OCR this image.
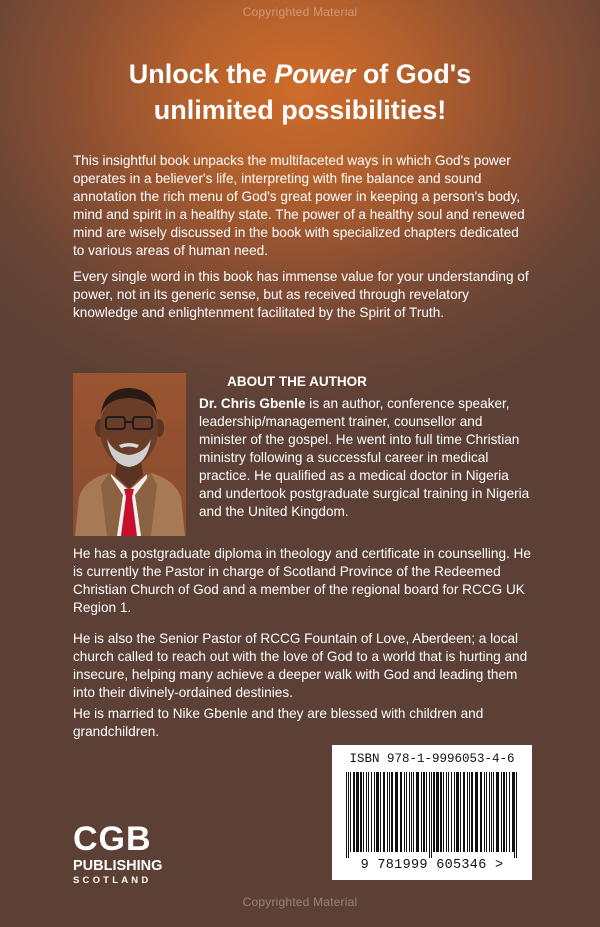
Copyrighted Material
Unlock the Power of God's
unlimited possibilities!

This insightful book unpacks the multifaceted ways in which God's power operates in a believer's life, interpreting with fine balance and sound annotation the rich menu of God's great power in keeping a person's body, mind and spirit in a healthy state. The power of a healthy soul and renewed mind are wisely discussed in the book with specialized chapters dedicated to various areas of human need.

Every single word in this book has immense value for your understanding of power, not in its generic sense, but as received through revelatory knowledge and enlightenment facilitated by the Spirit of Truth.

ABOUT THE AUTHOR

Dr. Chris Gbenle is an author, conference speaker, leadership/management trainer, counsellor and minister of the gospel. He went into full time Christian ministry following a successful career in medical practice. He qualified as a medical doctor in Nigeria and undertook postgraduate surgical training in Nigeria and the United Kingdom.

He has a postgraduate diploma in theology and certificate in counselling. He is currently the Pastor in charge of Scotland Province of the Redeemed Christian Church of God and a member of the regional board for RCCG UK Region 1.

He is also the Senior Pastor of RCCG Fountain of Love, Aberdeen; a local church called to reach out with the love of God to a world that is hurting and insecure, helping many achieve a deeper walk with God and leading them into their divinely-ordained destinies.

He is married to Nike Gbenle and they are blessed with children and grandchildren.

CGB
PUBLISHING
SCOTLAND

ISBN 978-1-9996053-4-6

9 781999 605346 >

Copyrighted Material
